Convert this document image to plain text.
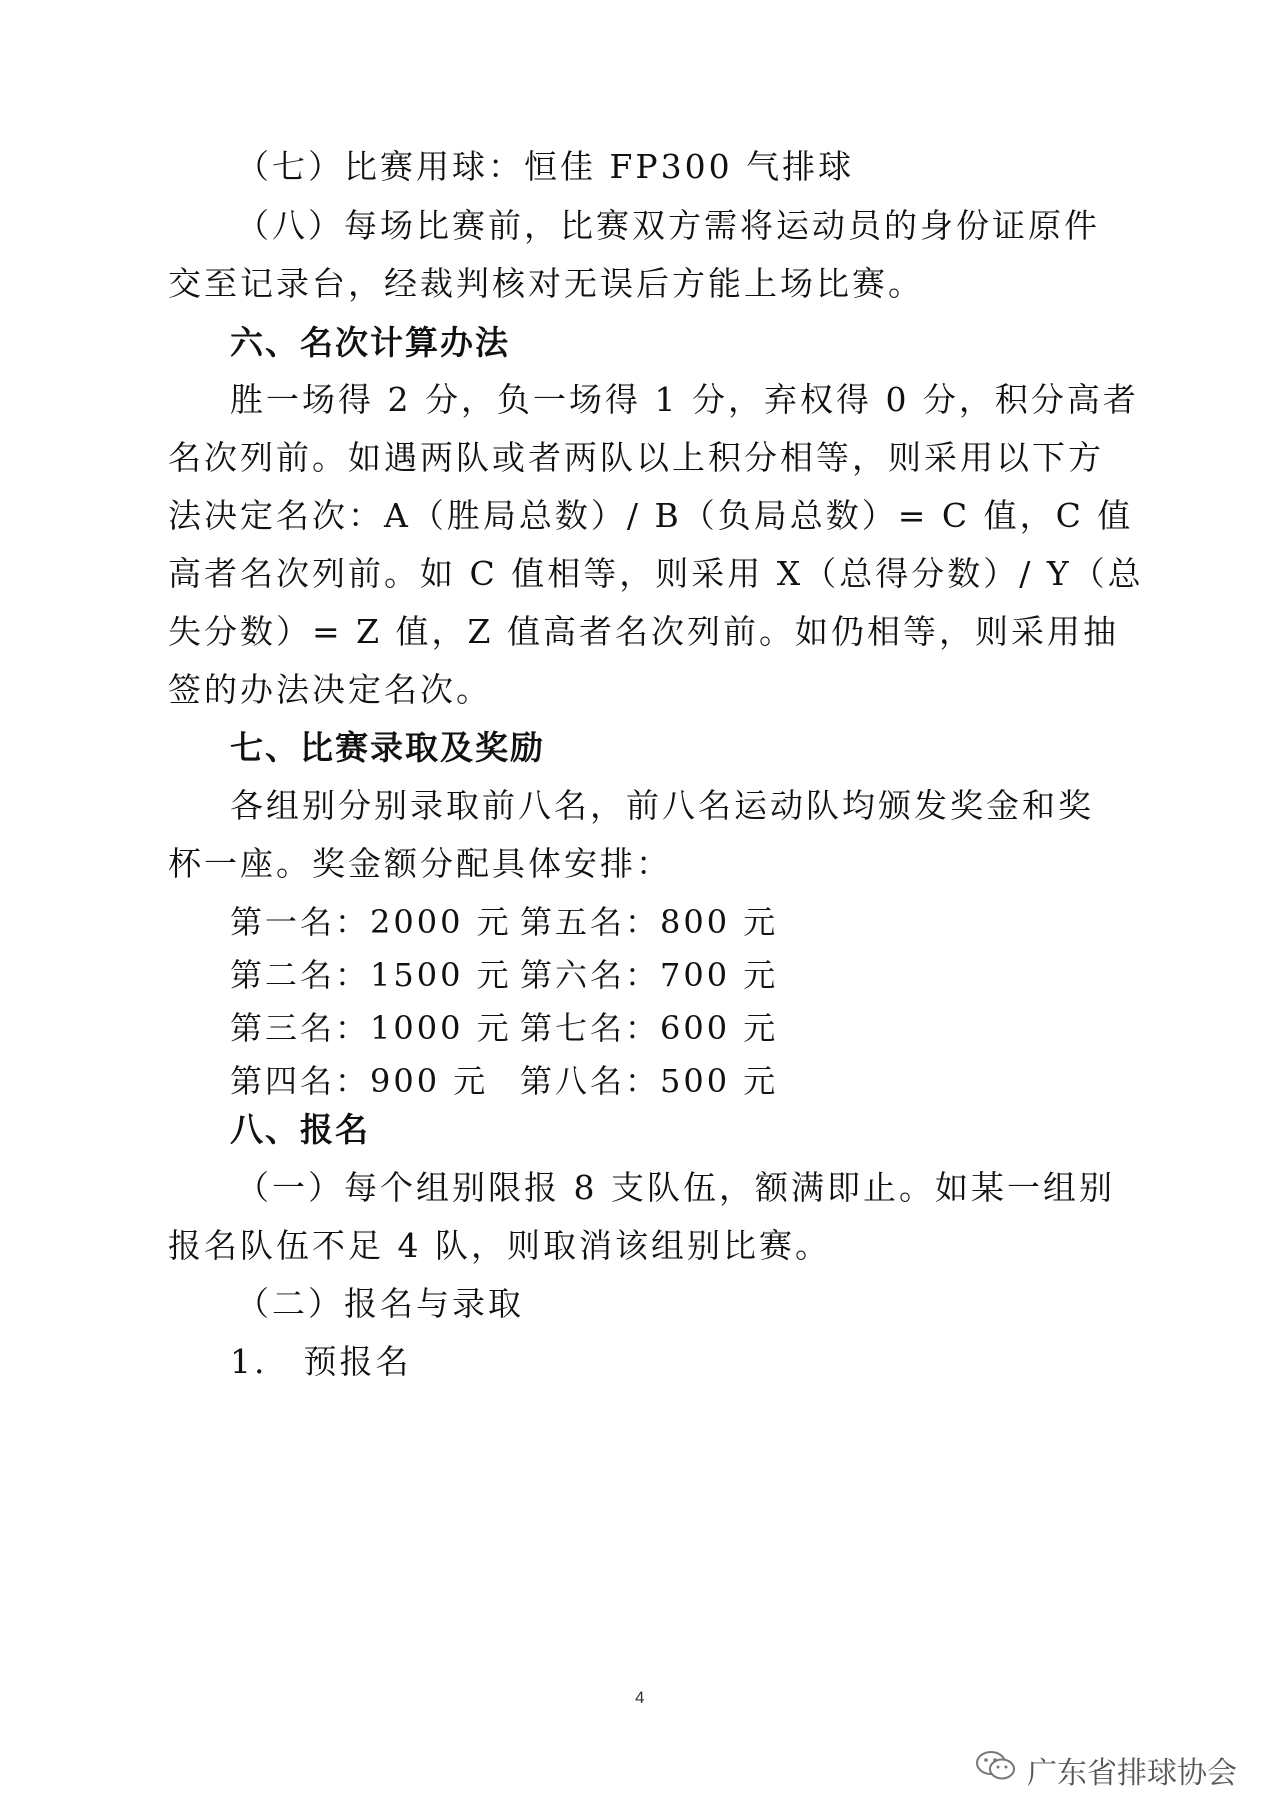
（七）比赛用球：恒佳 FP300 气排球
（八）每场比赛前，比赛双方需将运动员的身份证原件
交至记录台，经裁判核对无误后方能上场比赛。
六、名次计算办法
胜一场得 2 分，负一场得 1 分，弃权得 0 分，积分高者
名次列前。如遇两队或者两队以上积分相等，则采用以下方
法决定名次：A（胜局总数）/ B（负局总数）= C 值，C 值
高者名次列前。如 C 值相等，则采用 X（总得分数）/ Y（总
失分数）= Z 值，Z 值高者名次列前。如仍相等，则采用抽
签的办法决定名次。
七、比赛录取及奖励
各组别分别录取前八名，前八名运动队均颁发奖金和奖
杯一座。奖金额分配具体安排：
第一名：2000 元 第五名：800 元
第二名：1500 元 第六名：700 元
第三名：1000 元 第七名：600 元
第四名：900 元 第八名：500 元
八、报名
（一）每个组别限报 8 支队伍，额满即止。如某一组别
报名队伍不足 4 队，则取消该组别比赛。
（二）报名与录取
1.　预报名
4
广东省排球协会
